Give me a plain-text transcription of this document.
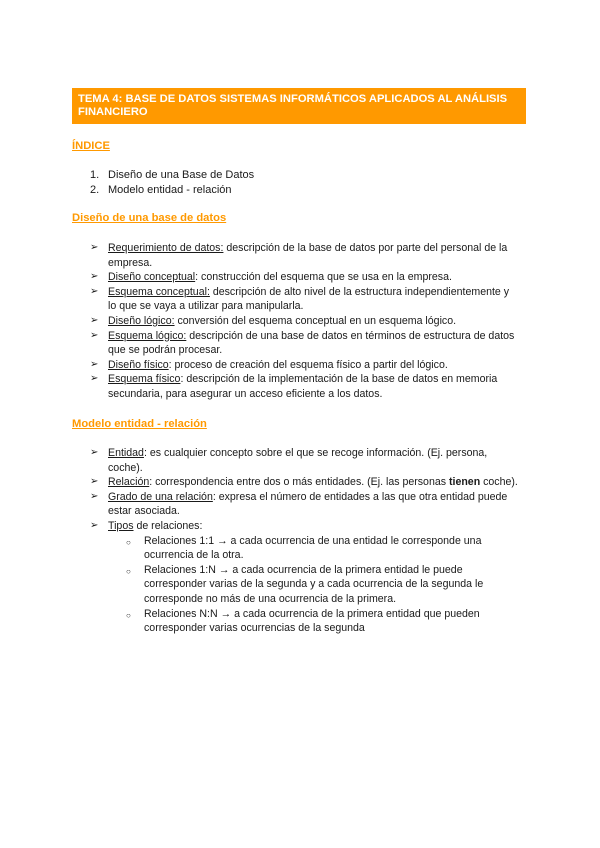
TEMA 4: BASE DE DATOS SISTEMAS INFORMÁTICOS APLICADOS AL ANÁLISIS FINANCIERO
ÍNDICE
1. Diseño de una Base de Datos
2. Modelo entidad - relación
Diseño de una base de datos
➢ Requerimiento de datos: descripción de la base de datos por parte del personal de la empresa.
➢ Diseño conceptual: construcción del esquema que se usa en la empresa.
➢ Esquema conceptual: descripción de alto nivel de la estructura independientemente y lo que se vaya a utilizar para manipularla.
➢ Diseño lógico: conversión del esquema conceptual en un esquema lógico.
➢ Esquema lógico: descripción de una base de datos en términos de estructura de datos que se podrán procesar.
➢ Diseño físico: proceso de creación del esquema físico a partir del lógico.
➢ Esquema físico: descripción de la implementación de la base de datos en memoria secundaria, para asegurar un acceso eficiente a los datos.
Modelo entidad - relación
➢ Entidad: es cualquier concepto sobre el que se recoge información. (Ej. persona, coche).
➢ Relación: correspondencia entre dos o más entidades. (Ej. las personas tienen coche).
➢ Grado de una relación: expresa el número de entidades a las que otra entidad puede estar asociada.
➢ Tipos de relaciones:
○	Relaciones 1:1 → a cada ocurrencia de una entidad le corresponde una ocurrencia de la otra.
○	Relaciones 1:N → a cada ocurrencia de la primera entidad le puede corresponder varias de la segunda y a cada ocurrencia de la segunda le corresponde no más de una ocurrencia de la primera.
○	Relaciones N:N → a cada ocurrencia de la primera entidad que pueden corresponder varias ocurrencias de la segunda
